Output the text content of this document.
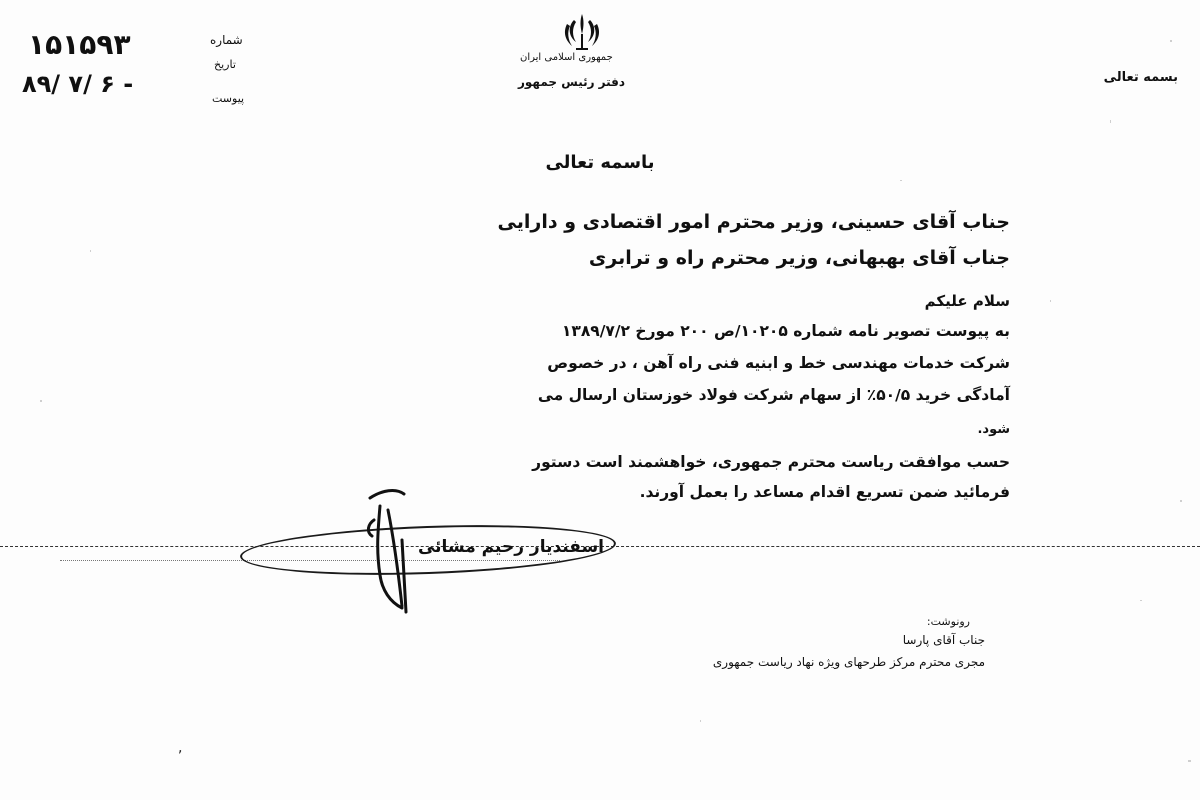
۱۵۱۵۹۳
۸۹/ ۷/ ۶ -
شماره
تاریخ
پیوست
جمهوری اسلامی ایران
دفتر رئیس جمهور	بسمه تعالی
باسمه تعالی
جناب آقای حسینی، وزیر محترم امور اقتصادی و دارایی
جناب آقای بهبهانی، وزیر محترم راه و ترابری
سلام علیکم
به پیوست تصویر نامه شماره ۱۰۲۰۵/ص ۲۰۰ مورخ ۱۳۸۹/۷/۲
شرکت خدمات مهندسی خط و ابنیه فنی راه آهن ، در خصوص
آمادگی خرید ۵۰/۵٪ از سهام شرکت فولاد خوزستان ارسال می
شود.
حسب موافقت ریاست محترم جمهوری، خواهشمند است دستور
فرمائید ضمن تسریع اقدام مساعد را بعمل آورند.
اسفندیار رحیم مشائی
رونوشت:
جناب آقای پارسا
مجری محترم مرکز طرحهای ویژه نهاد ریاست جمهوری
,
